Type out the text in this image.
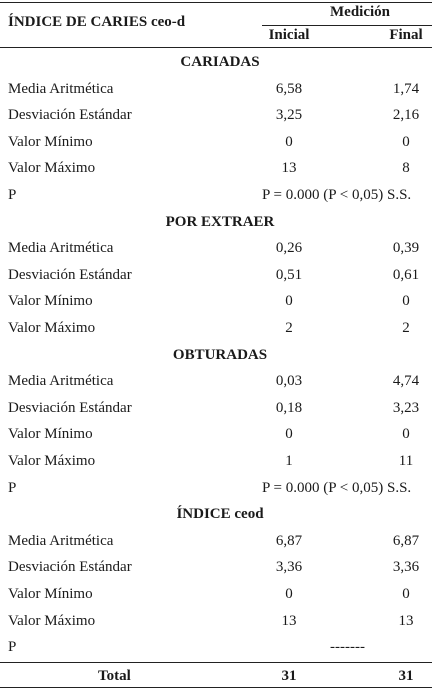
ÍNDICE DE CARIES ceo-d
Medición
Inicial	Final
CARIADAS
Media Aritmética	6,58	1,74
Desviación Estándar	3,25	2,16
Valor Mínimo	0	0
Valor Máximo	13	8
P	P = 0.000 (P < 0,05) S.S.
POR EXTRAER
Media Aritmética	0,26	0,39
Desviación Estándar	0,51	0,61
Valor Mínimo	0	0
Valor Máximo	2	2
OBTURADAS
Media Aritmética	0,03	4,74
Desviación Estándar	0,18	3,23
Valor Mínimo	0	0
Valor Máximo	1	11
P	P = 0.000 (P < 0,05) S.S.
ÍNDICE ceod
Media Aritmética	6,87	6,87
Desviación Estándar	3,36	3,36
Valor Mínimo	0	0
Valor Máximo	13	13
P	-------
Total	31	31
